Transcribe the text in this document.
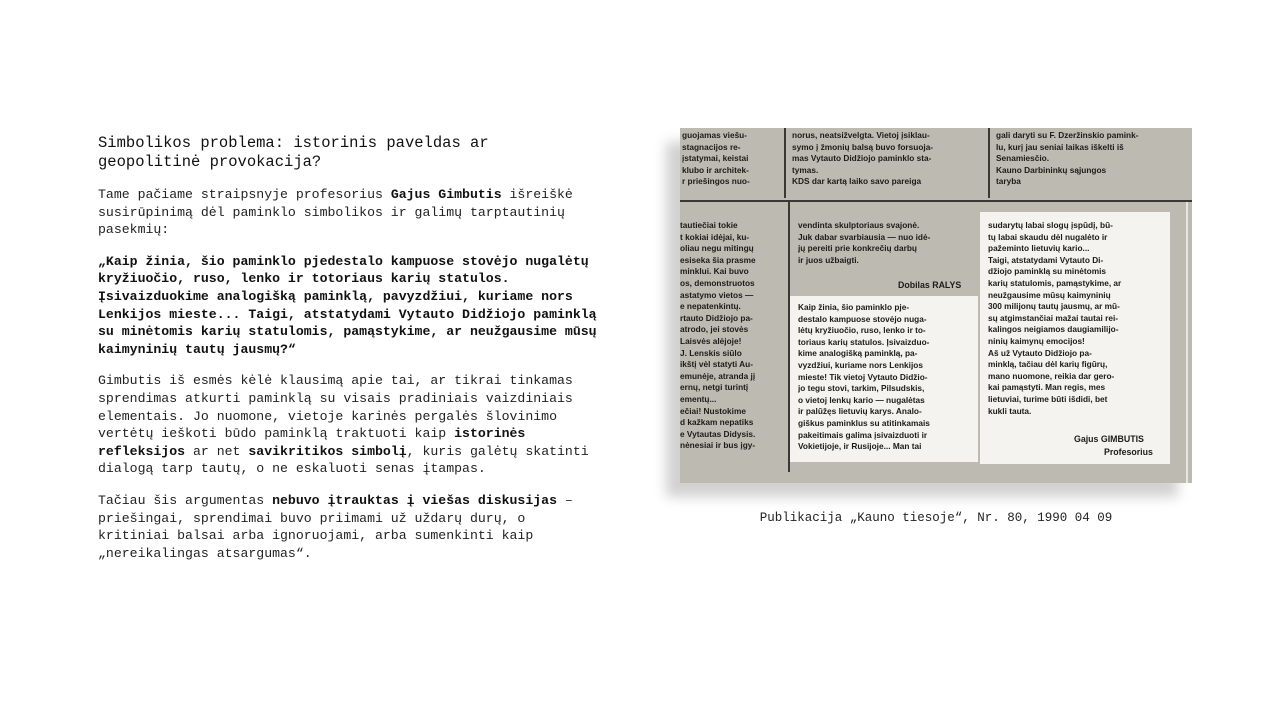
Simbolikos problema: istorinis paveldas ar geopolitinė provokacija?

Tame pačiame straipsnyje profesorius Gajus Gimbutis išreiškė susirūpinimą dėl paminklo simbolikos ir galimų tarptautinių pasekmių:

„Kaip žinia, šio paminklo pjedestalo kampuose stovėjo nugalėtų kryžiuočio, ruso, lenko ir totoriaus karių statulos. Įsivaizduokime analogišką paminklą, pavyzdžiui, kuriame nors Lenkijos mieste... Taigi, atstatydami Vytauto Didžiojo paminklą su minėtomis karių statulomis, pamąstykime, ar neužgausime mūsų kaimyninių tautų jausmų?“

Gimbutis iš esmės kėlė klausimą apie tai, ar tikrai tinkamas sprendimas atkurti paminklą su visais pradiniais vaizdiniais elementais. Jo nuomone, vietoje karinės pergalės šlovinimo vertėtų ieškoti būdo paminklą traktuoti kaip istorinės refleksijos ar net savikritikos simbolį, kuris galėtų skatinti dialogą tarp tautų, o ne eskaluoti senas įtampas.

Tačiau šis argumentas nebuvo įtrauktas į viešas diskusijas – priešingai, sprendimai buvo priimami už uždarų durų, o kritiniai balsai arba ignoruojami, arba sumenkinti kaip „nereikalingas atsargumas“.

guojamas viešu-
stagnacijos re-
įstatymai, keistai
klubo ir architek-
r priešingos nuo-
norus, neatsižvelgta. Vietoj įsiklau-
symo į žmonių balsą buvo forsuoja-
mas Vytauto Didžiojo paminklo sta-
tymas.
KDS dar kartą laiko savo pareiga
gali daryti su F. Dzeržinskio pamink-
lu, kurį jau seniai laikas iškelti iš
Senamiesčio.
Kauno Darbininkų sąjungos
taryba
tautiečiai tokie
t kokiai idėjai, ku-
oliau negu mitingų
esiseka šia prasme
minklui. Kai buvo
os, demonstruotos
astatymo vietos —
e nepatenkintų.
rtauto Didžiojo pa-
atrodo, jei stovės
Laisvės alėjoje!
J. Lenskis siūlo
ikštį vėl statyti Au-
emunėje, atranda jį
ernų, netgi turintį
ementų...
ečiai! Nustokime
d kažkam nepatiks
e Vytautas Didysis.
nėnesiai ir bus įgy-
vendinta skulptoriaus svajonė.
Juk dabar svarbiausia — nuo idė-
jų pereiti prie konkrečių darbų
ir juos užbaigti.
Dobilas RALYS
Kaip žinia, šio paminklo pje-
destalo kampuose stovėjo nuga-
lėtų kryžiuočio, ruso, lenko ir to-
toriaus karių statulos. Įsivaizduo-
kime analogišką paminklą, pa-
vyzdžiui, kuriame nors Lenkijos
mieste! Tik vietoj Vytauto Didžio-
jo tegu stovi, tarkim, Pilsudskis,
o vietoj lenkų kario — nugalėtas
ir palūžęs lietuvių karys. Analo-
giškus paminklus su atitinkamais
pakeitimais galima įsivaizduoti ir
Vokietijoje, ir Rusijoje... Man tai
sudarytų labai slogų įspūdį, bū-
tų labai skaudu dėl nugalėto ir
pažeminto lietuvių kario...
Taigi, atstatydami Vytauto Di-
džiojo paminklą su minėtomis
karių statulomis, pamąstykime, ar
neužgausime mūsų kaimyninių
300 milijonų tautų jausmų, ar mū-
sų atgimstančiai mažai tautai rei-
kalingos neigiamos daugiamilijo-
ninių kaimynų emocijos!
Aš už Vytauto Didžiojo pa-
minklą, tačiau dėl karių figūrų,
mano nuomone, reikia dar gero-
kai pamąstyti. Man regis, mes
lietuviai, turime būti išdidi, bet
kukli tauta.
Gajus GIMBUTIS
Profesorius
Publikacija „Kauno tiesoje“, Nr. 80, 1990 04 09
